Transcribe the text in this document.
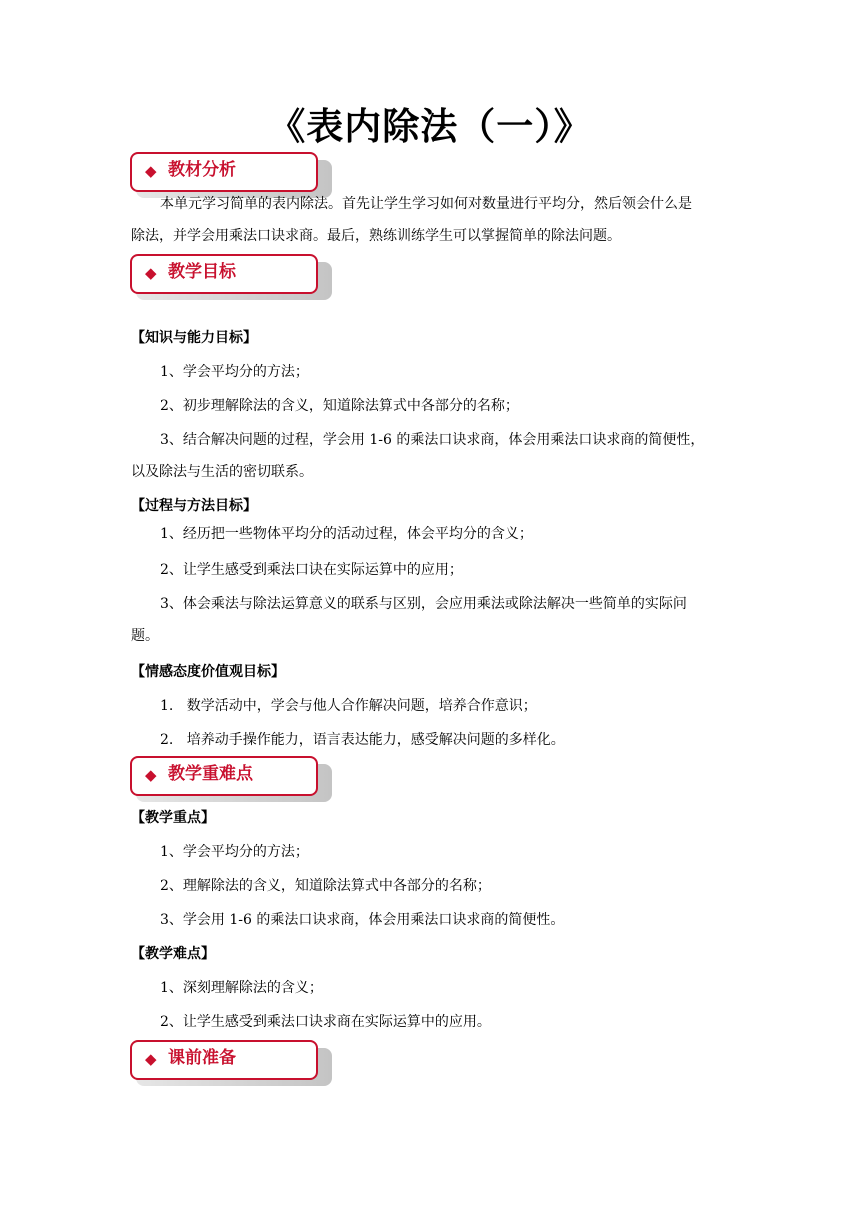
《表内除法（一）》
◆ 教材分析
本单元学习简单的表内除法。首先让学生学习如何对数量进行平均分，然后领会什么是
除法，并学会用乘法口诀求商。最后，熟练训练学生可以掌握简单的除法问题。
◆ 教学目标
【知识与能力目标】
1、学会平均分的方法；
2、初步理解除法的含义，知道除法算式中各部分的名称；
3、结合解决问题的过程，学会用 1-6 的乘法口诀求商，体会用乘法口诀求商的简便性，
以及除法与生活的密切联系。
【过程与方法目标】
1、经历把一些物体平均分的活动过程，体会平均分的含义；
2、让学生感受到乘法口诀在实际运算中的应用；
3、体会乘法与除法运算意义的联系与区别，会应用乘法或除法解决一些简单的实际问
题。
【情感态度价值观目标】
1.   数学活动中，学会与他人合作解决问题，培养合作意识；
2.   培养动手操作能力，语言表达能力，感受解决问题的多样化。
◆ 教学重难点
【教学重点】
1、学会平均分的方法；
2、理解除法的含义，知道除法算式中各部分的名称；
3、学会用 1-6 的乘法口诀求商，体会用乘法口诀求商的简便性。
【教学难点】
1、深刻理解除法的含义；
2、让学生感受到乘法口诀求商在实际运算中的应用。
◆ 课前准备
